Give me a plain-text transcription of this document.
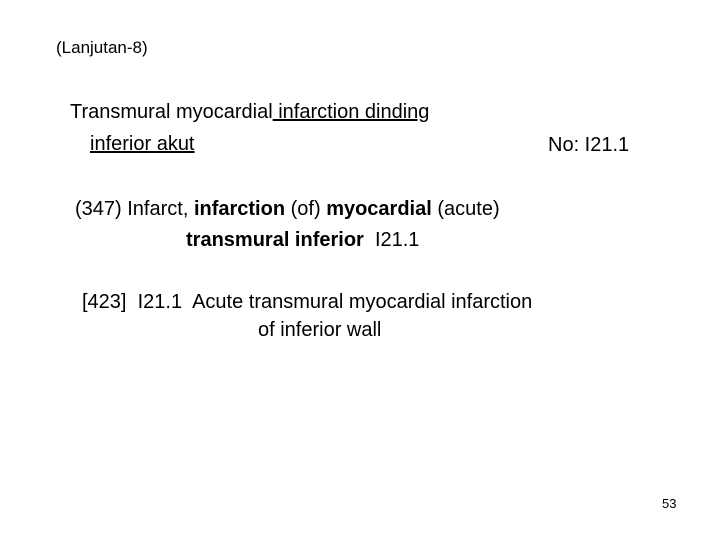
(Lanjutan-8)
Transmural myocardial infarction dinding
inferior akut	No: I21.1
(347) Infarct, infarction (of) myocardial (acute)
transmural inferior  I21.1
[423]  I21.1  Acute transmural myocardial infarction
of inferior wall
53
